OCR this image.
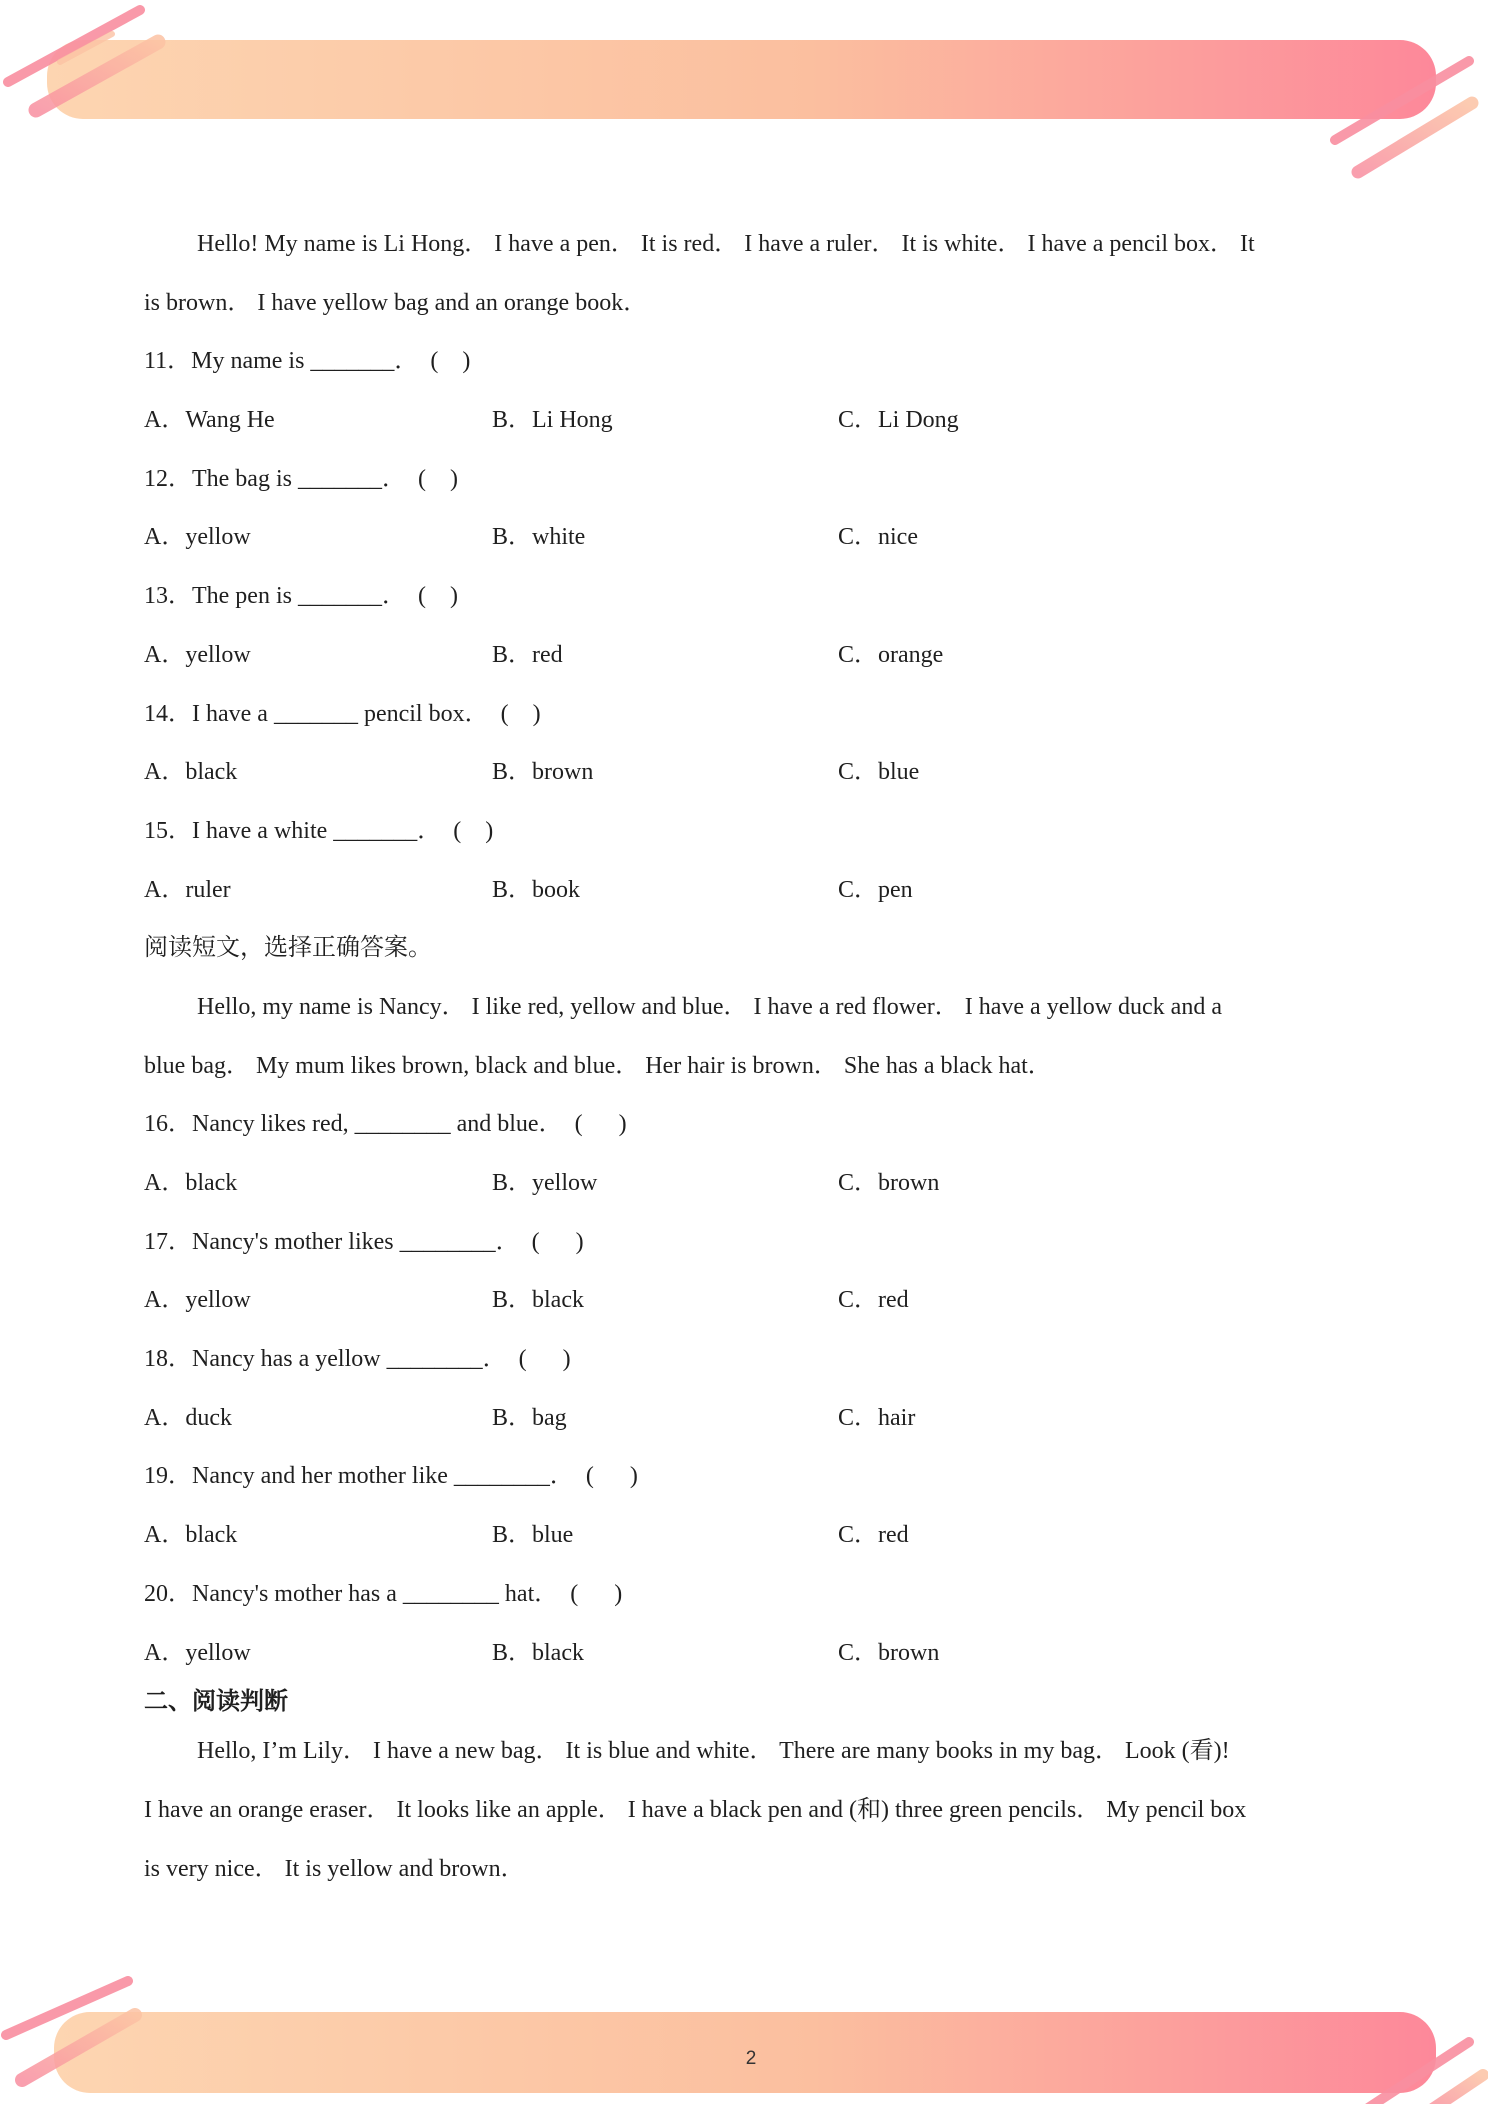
Hello! My name is Li Hong． I have a pen． It is red． I have a ruler． It is white． I have a pencil box． It
is brown． I have yellow bag and an orange book．
11．My name is _______．  (    )

A．Wang He

	B．Li Hong

	C．Li Dong

12．The bag is _______．  (    )

A．yellow

	B．white

	C．nice

13．The pen is _______．  (    )

A．yellow

	B．red

	C．orange

14．I have a _______ pencil box．  (    )

A．black

	B．brown

	C．blue

15．I have a white _______．  (    )

A．ruler

	B．book

	C．pen

阅读短文，选择正确答案。
Hello, my name is Nancy． I like red, yellow and blue． I have a red flower． I have a yellow duck and a
blue bag． My mum likes brown, black and blue． Her hair is brown． She has a black hat．
16．Nancy likes red, ________ and blue．  (      )

A．black

	B．yellow

	C．brown

17．Nancy's mother likes ________．  (      )

A．yellow

	B．black

	C．red

18．Nancy has a yellow ________．  (      )

A．duck

	B．bag

	C．hair

19．Nancy and her mother like ________．  (      )

A．black

	B．blue

	C．red

20．Nancy's mother has a ________ hat．  (      )

A．yellow

	B．black

	C．brown

二、阅读判断
Hello, I’m Lily． I have a new bag． It is blue and white． There are many books in my bag． Look (看)!
I have an orange eraser． It looks like an apple． I have a black pen and (和) three green pencils． My pencil box
is very nice． It is yellow and brown．
2
